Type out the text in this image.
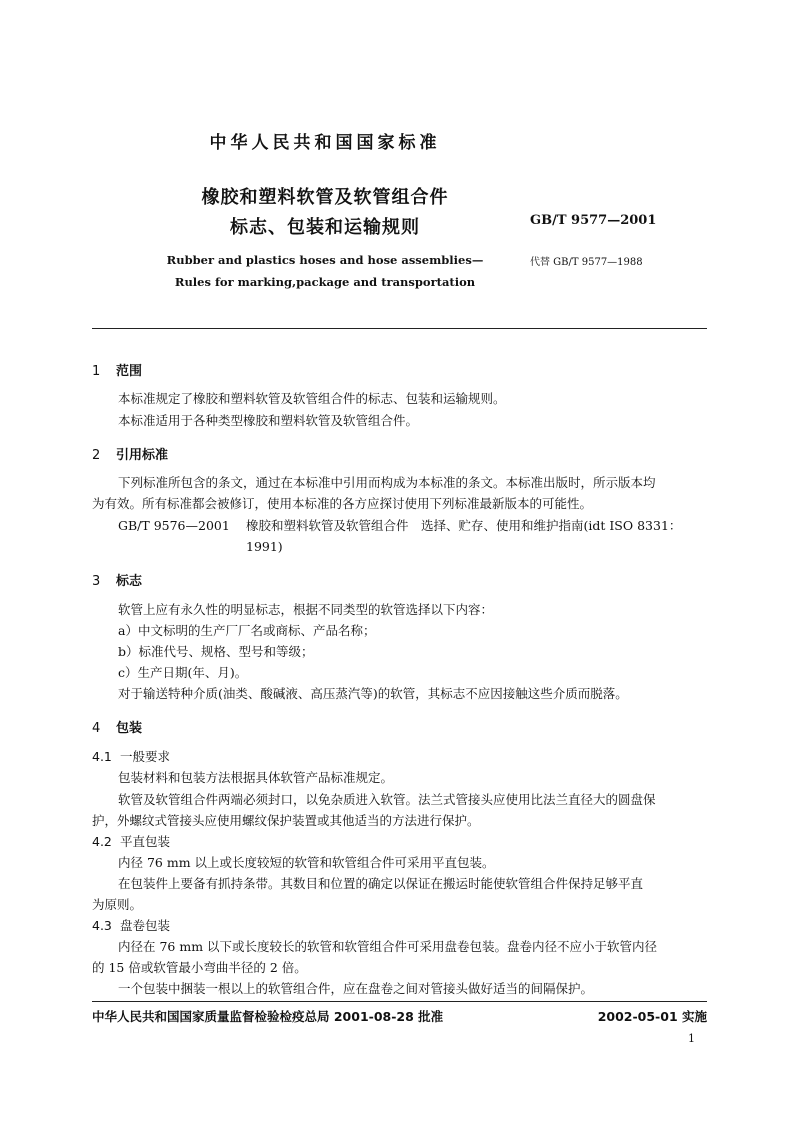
中华人民共和国国家标准
橡胶和塑料软管及软管组合件
标志、包装和运输规则	GB/T 9577—2001
代替 GB/T 9577—1988
Rubber and plastics hoses and hose assemblies—
Rules for marking,package and transportation
1 范围
本标准规定了橡胶和塑料软管及软管组合件的标志、包装和运输规则。
本标准适用于各种类型橡胶和塑料软管及软管组合件。
2 引用标准
下列标准所包含的条文，通过在本标准中引用而构成为本标准的条文。本标准出版时，所示版本均
为有效。所有标准都会被修订，使用本标准的各方应探讨使用下列标准最新版本的可能性。
GB/T 9576—2001 橡胶和塑料软管及软管组合件　选择、贮存、使用和维护指南(idt ISO 8331：
1991)
3 标志
软管上应有永久性的明显标志，根据不同类型的软管选择以下内容：
a）中文标明的生产厂厂名或商标、产品名称；
b）标准代号、规格、型号和等级；
c）生产日期(年、月)。
对于输送特种介质(油类、酸碱液、高压蒸汽等)的软管，其标志不应因接触这些介质而脱落。
4 包装
4.1 一般要求
包装材料和包装方法根据具体软管产品标准规定。
软管及软管组合件两端必须封口，以免杂质进入软管。法兰式管接头应使用比法兰直径大的圆盘保
护，外螺纹式管接头应使用螺纹保护装置或其他适当的方法进行保护。
4.2 平直包装
内径 76 mm 以上或长度较短的软管和软管组合件可采用平直包装。
在包装件上要备有抓持条带。其数目和位置的确定以保证在搬运时能使软管组合件保持足够平直
为原则。
4.3 盘卷包装
内径在 76 mm 以下或长度较长的软管和软管组合件可采用盘卷包装。盘卷内径不应小于软管内径
的 15 倍或软管最小弯曲半径的 2 倍。
一个包装中捆装一根以上的软管组合件，应在盘卷之间对管接头做好适当的间隔保护。
中华人民共和国国家质量监督检验检疫总局 2001-08-28 批准	2002-05-01 实施
1
